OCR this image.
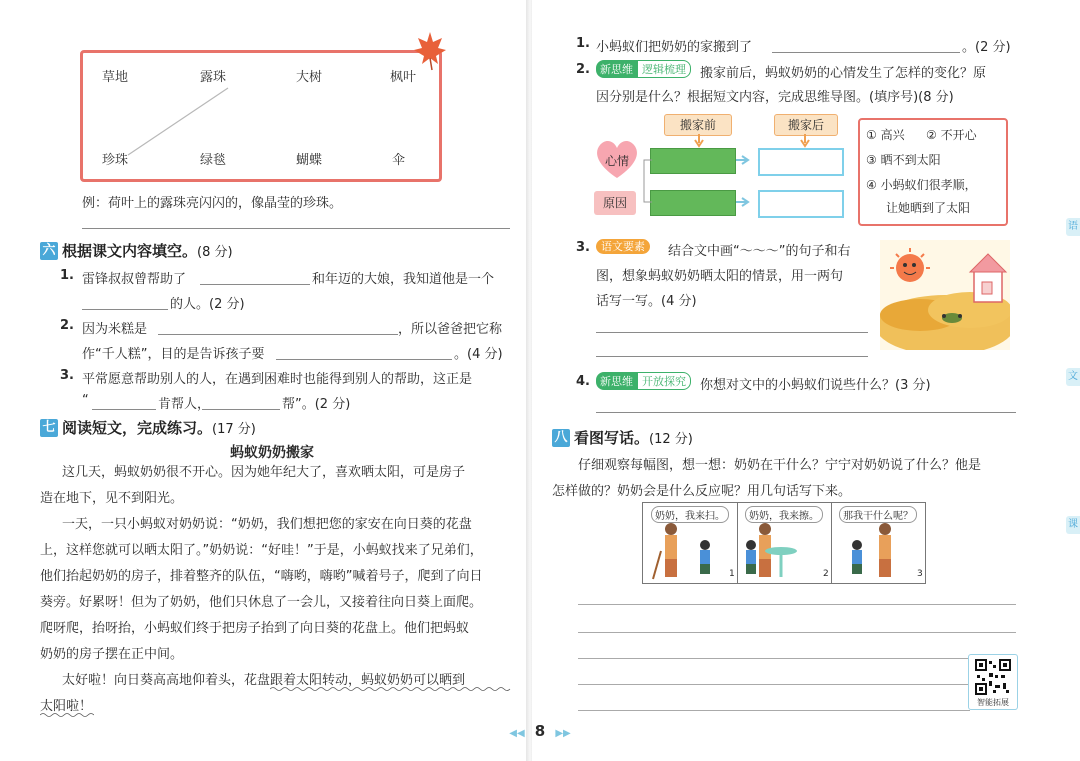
草地	露珠	大树	枫叶
珍珠	绿毯	蝴蝶	伞
例：荷叶上的露珠亮闪闪的，像晶莹的珍珠。
六 根据课文内容填空。 (8 分)
1. 雷锋叔叔曾帮助了	和年迈的大娘，我知道他是一个
的人。(2 分)
2. 因为米糕是	，所以爸爸把它称
作“千人糕”，目的是告诉孩子要	。(4 分)
3. 平常愿意帮助别人的人，在遇到困难时也能得到别人的帮助，这正是
“	肯帮人，	帮”。(2 分)
七 阅读短文，完成练习。 (17 分)
蚂蚁奶奶搬家
这几天，蚂蚁奶奶很不开心。因为她年纪大了，喜欢晒太阳，可是房子
造在地下，见不到阳光。
一天，一只小蚂蚁对奶奶说：“奶奶，我们想把您的家安在向日葵的花盘
上，这样您就可以晒太阳了。”奶奶说：“好哇！”于是，小蚂蚁找来了兄弟们，
他们抬起奶奶的房子，排着整齐的队伍，“嗨哟，嗨哟”喊着号子，爬到了向日
葵旁。好累呀！但为了奶奶，他们只休息了一会儿，又接着往向日葵上面爬。
爬呀爬，抬呀抬，小蚂蚁们终于把房子抬到了向日葵的花盘上。他们把蚂蚁
奶奶的房子摆在正中间。
太好啦！向日葵高高地仰着头，花盘跟着太阳转动，蚂蚁奶奶可以晒到
太阳啦！
1. 小蚂蚁们把奶奶的家搬到了	。(2 分)
2. 新思维 逻辑梳理	搬家前后，蚂蚁奶奶的心情发生了怎样的变化？原
因分别是什么？根据短文内容，完成思维导图。(填序号)(8 分)
搬家前	搬家后
心情
原因
① 高兴 ② 不开心
③ 晒不到太阳
④ 小蚂蚁们很孝顺，
让她晒到了太阳
3.	语文要素	结合文中画“～～～”的句子和右
图，想象蚂蚁奶奶晒太阳的情景，用一两句
话写一写。(4 分)
4. 新思维 开放探究	你想对文中的小蚂蚁们说些什么？(3 分)
八 看图写话。 (12 分)
仔细观察每幅图，想一想：奶奶在干什么？宁宁对奶奶说了什么？他是
怎样做的？奶奶会是什么反应呢？用几句话写下来。
奶奶，我来扫。	奶奶，我来擦。	那我干什么呢？
1	2	3
智能拓展
语
文
课
◀◀ 8 ▶▶
